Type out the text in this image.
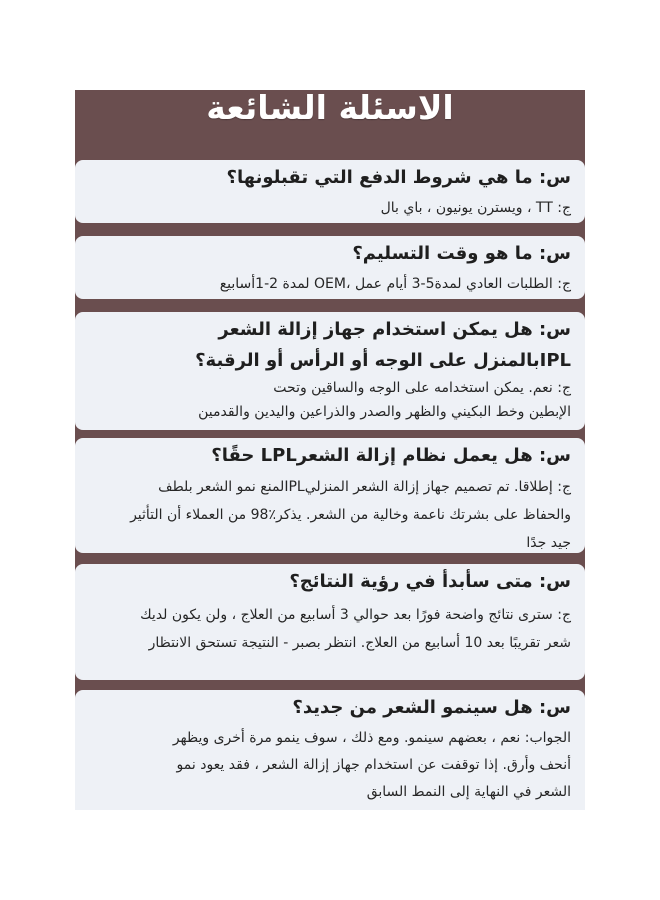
الاسئلة الشائعة

س: ما هي شروط الدفع التي تقبلونها؟

ج: TT ، ويسترن يونيون ، باي بال

س: ما هو وقت التسليم؟

ج: الطلبات العادي لمدة5-3 أيام عمل ،OEM لمدة 2-1أسابيع

س: هل يمكن استخدام جهاز إزالة الشعر
IPLبالمنزل على الوجه أو الرأس أو الرقبة؟

ج: نعم. يمكن استخدامه على الوجه والساقين وتحت
الإبطين وخط البكيني والظهر والصدر والذراعين واليدين والقدمين

س: هل يعمل نظام إزالة الشعرLPL حقًا؟

ج: إطلاقا. تم تصميم جهاز إزالة الشعر المنزليIPLلمنع نمو الشعر بلطف
والحفاظ على بشرتك ناعمة وخالية من الشعر. يذكر٪98 من العملاء أن التأثير
جيد جدًا

س: متى سأبدأ في رؤية النتائج؟

ج: سترى نتائج واضحة فورًا بعد حوالي 3 أسابيع من العلاج ، ولن يكون لديك
شعر تقريبًا بعد 10 أسابيع من العلاج. انتظر بصبر - النتيجة تستحق الانتظار

س: هل سينمو الشعر من جديد؟

الجواب: نعم ، بعضهم سينمو. ومع ذلك ، سوف ينمو مرة أخرى ويظهر
أنحف وأرق. إذا توقفت عن استخدام جهاز إزالة الشعر ، فقد يعود نمو
الشعر في النهاية إلى النمط السابق
